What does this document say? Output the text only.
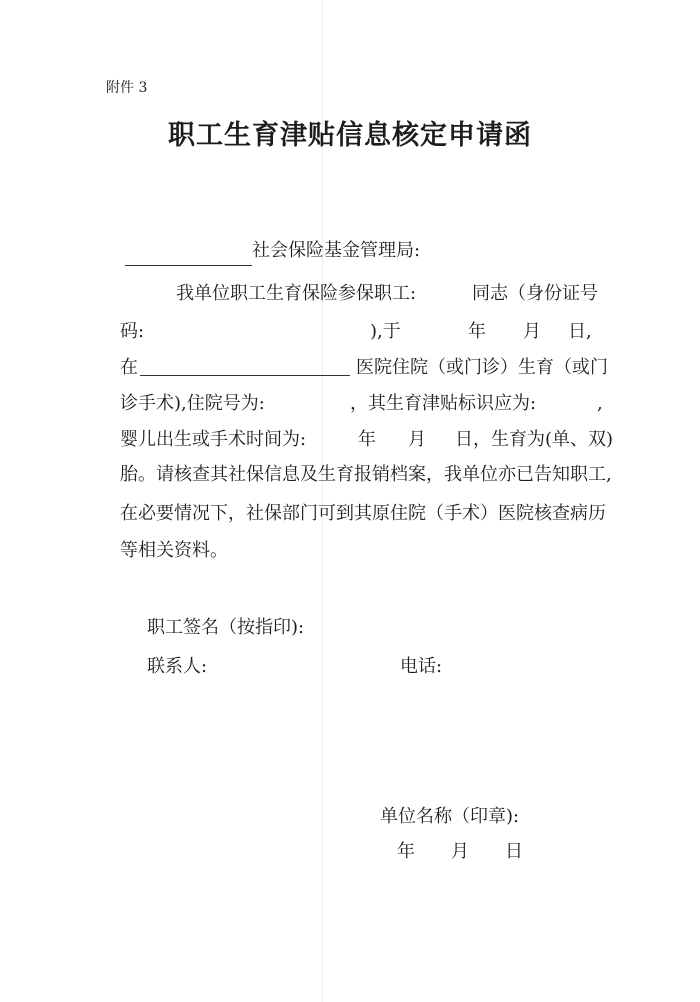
附件 3
职工生育津贴信息核定申请函
社会保险基金管理局:
我单位职工生育保险参保职工:	同志（身份证号
码:	),于	年 月 日,
在	医院住院（或门诊）生育（或门
诊手术),住院号为:	，其生育津贴标识应为:	,
婴儿出生或手术时间为:	年 月 日，生育为(单、双)
胎。请核查其社保信息及生育报销档案，我单位亦已告知职工,
在必要情况下，社保部门可到其原住院（手术）医院核查病历
等相关资料。
职工签名（按指印):
联系人:	电话:
单位名称（印章):
年 月 日
